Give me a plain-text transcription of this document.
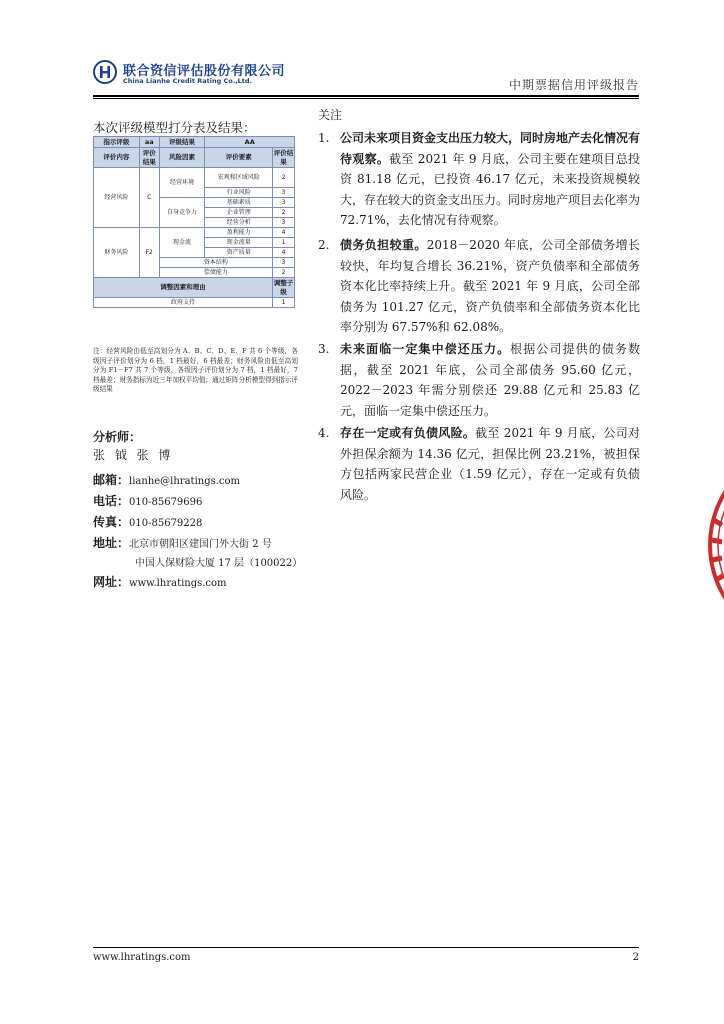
联合资信评估股份有限公司
China Lianhe Credit Rating Co.,Ltd.	中期票据信用评级报告
本次评级模型打分表及结果：
指示评级	aa	评级结果	AA	
评价内容	评价结果	风险因素	评价要素	评价结果
经营风险	C	经营环境	宏观和区域风险	2
			行业风险	3
		自身竞争力	基础素质	3
			企业管理	2
			经营分析	3
财务风险	F2	现金流	盈利能力	4
			现金流量	1
			资产质量	4
		资本结构		3
		偿债能力		2
调整因素和理由				调整子级
政府支持				1
注：经营风险由低至高划分为 A、B、C、D、E、F 共 6 个等级，各级因子评价划分为 6 档，1 档最好，6 档最差；财务风险由低至高划分为 F1－F7 共 7 个等级，各级因子评价划分为 7 档，1 档最好，7 档最差；财务指标为近三年加权平均值；通过矩阵分析模型得到指示评级结果
分析师：
张 钺 张 博
邮箱：lianhe@lhratings.com
电话：010-85679696
传真：010-85679228
地址：北京市朝阳区建国门外大街 2 号
中国人保财险大厦 17 层（100022）
网址：www.lhratings.com
关注
1. 公司未来项目资金支出压力较大，同时房地产去化情况有待观察。截至 2021 年 9 月底，公司主要在建项目总投资 81.18 亿元，已投资 46.17 亿元，未来投资规模较大，存在较大的资金支出压力。同时房地产项目去化率为 72.71%，去化情况有待观察。
2. 债务负担较重。2018－2020 年底，公司全部债务增长较快，年均复合增长 36.21%，资产负债率和全部债务资本化比率持续上升。截至 2021 年 9 月底，公司全部债务为 101.27 亿元，资产负债率和全部债务资本化比率分别为 67.57%和 62.08%。
3. 未来面临一定集中偿还压力。根据公司提供的债务数据，截至 2021 年底，公司全部债务 95.60 亿元，2022－2023 年需分别偿还 29.88 亿元和 25.83 亿元，面临一定集中偿还压力。
4. 存在一定或有负债风险。截至 2021 年 9 月底，公司对外担保余额为 14.36 亿元，担保比例 23.21%，被担保方包括两家民营企业（1.59 亿元），存在一定或有负债风险。
www.lhratings.com	2
